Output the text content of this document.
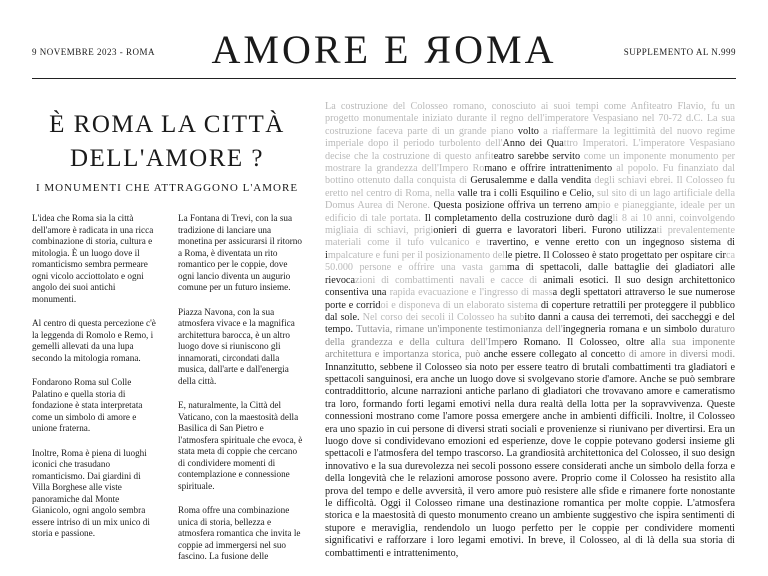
9 NOVEMBRE 2023 - ROMA	AMORE E ЯOMA	SUPPLEMENTO AL N.999
È ROMA LA CITTÀ
DELL'AMORE ?
I MONUMENTI CHE ATTRAGGONO L'AMORE

L'idea che Roma sia la città dell'amore è radicata in una ricca combinazione di storia, cultura e mitologia. È un luogo dove il romanticismo sembra permeare ogni vicolo acciottolato e ogni angolo dei suoi antichi monumenti.

Al centro di questa percezione c'è la leggenda di Romolo e Remo, i gemelli allevati da una lupa secondo la mitologia romana.

Fondarono Roma sul Colle Palatino e quella storia di fondazione è stata interpretata come un simbolo di amore e unione fraterna.

Inoltre, Roma è piena di luoghi iconici che trasudano romanticismo. Dai giardini di Villa Borghese alle viste panoramiche dal Monte Gianicolo, ogni angolo sembra essere intriso di un mix unico di storia e passione.

La Fontana di Trevi, con la sua tradizione di lanciare una monetina per assicurarsi il ritorno a Roma, è diventata un rito romantico per le coppie, dove ogni lancio diventa un augurio comune per un futuro insieme.

Piazza Navona, con la sua atmosfera vivace e la magnifica architettura barocca, è un altro luogo dove si riuniscono gli innamorati, circondati dalla musica, dall'arte e dall'energia della città.

E, naturalmente, la Città del Vaticano, con la maestosità della Basilica di San Pietro e l'atmosfera spirituale che evoca, è stata meta di coppie che cercano di condividere momenti di contemplazione e connessione spirituale.

Roma offre una combinazione unica di storia, bellezza e atmosfera romantica che invita le coppie ad immergersi nel suo fascino. La fusione delle

La costruzione del Colosseo romano, conosciuto ai suoi tempi come Anfiteatro Flavio, fu un progetto monumentale iniziato durante il regno dell'imperatore Vespasiano nel 70-72 d.C. La sua costruzione faceva parte di un grande piano volto a riaffermare la legittimità del nuovo regime imperiale dopo il periodo turbolento dell'Anno dei Quattro Imperatori. L'imperatore Vespasiano decise che la costruzione di questo anfiteatro sarebbe servito come un imponente monumento per mostrare la grandezza dell'Impero Romano e offrire intrattenimento al popolo. Fu finanziato dal bottino ottenuto dalla conquista di Gerusalemme e dalla vendita degli schiavi ebrei. Il Colosseo fu eretto nel centro di Roma, nella valle tra i colli Esquilino e Celio, sul sito di un lago artificiale della Domus Aurea di Nerone. Questa posizione offriva un terreno ampio e pianeggiante, ideale per un edificio di tale portata. Il completamento della costruzione durò dagli 8 ai 10 anni, coinvolgendo migliaia di schiavi, prigionieri di guerra e lavoratori liberi. Furono utilizzati prevalentemente materiali come il tufo vulcanico e travertino, e venne eretto con un ingegnoso sistema di impalcature e funi per il posizionamento delle pietre. Il Colosseo è stato progettato per ospitare circa 50.000 persone e offrire una vasta gamma di spettacoli, dalle battaglie dei gladiatori alle rievocazioni di combattimenti navali e cacce di animali esotici. Il suo design architettonico consentiva una rapida evacuazione e l'ingresso di massa degli spettatori attraverso le sue numerose porte e corridoi e disponeva di un elaborato sistema di coperture retrattili per proteggere il pubblico dal sole. Nel corso dei secoli il Colosseo ha subito danni a causa dei terremoti, dei saccheggi e del tempo. Tuttavia, rimane un'imponente testimonianza dell'ingegneria romana e un simbolo duraturo della grandezza e della cultura dell'Impero Romano. Il Colosseo, oltre alla sua imponente architettura e importanza storica, può anche essere collegato al concetto di amore in diversi modi. Innanzitutto, sebbene il Colosseo sia noto per essere teatro di brutali combattimenti tra gladiatori e spettacoli sanguinosi, era anche un luogo dove si svolgevano storie d'amore. Anche se può sembrare contraddittorio, alcune narrazioni antiche parlano di gladiatori che trovavano amore e cameratismo tra loro, formando forti legami emotivi nella dura realtà della lotta per la sopravvivenza. Queste connessioni mostrano come l'amore possa emergere anche in ambienti difficili. Inoltre, il Colosseo era uno spazio in cui persone di diversi strati sociali e provenienze si riunivano per divertirsi. Era un luogo dove si condividevano emozioni ed esperienze, dove le coppie potevano godersi insieme gli spettacoli e l'atmosfera del tempo trascorso. La grandiosità architettonica del Colosseo, il suo design innovativo e la sua durevolezza nei secoli possono essere considerati anche un simbolo della forza e della longevità che le relazioni amorose possono avere. Proprio come il Colosseo ha resistito alla prova del tempo e delle avversità, il vero amore può resistere alle sfide e rimanere forte nonostante le difficoltà. Oggi il Colosseo rimane una destinazione romantica per molte coppie. L'atmosfera storica e la maestosità di questo monumento creano un ambiente suggestivo che ispira sentimenti di stupore e meraviglia, rendendolo un luogo perfetto per le coppie per condividere momenti significativi e rafforzare i loro legami emotivi. In breve, il Colosseo, al di là della sua storia di combattimenti e intrattenimento,
